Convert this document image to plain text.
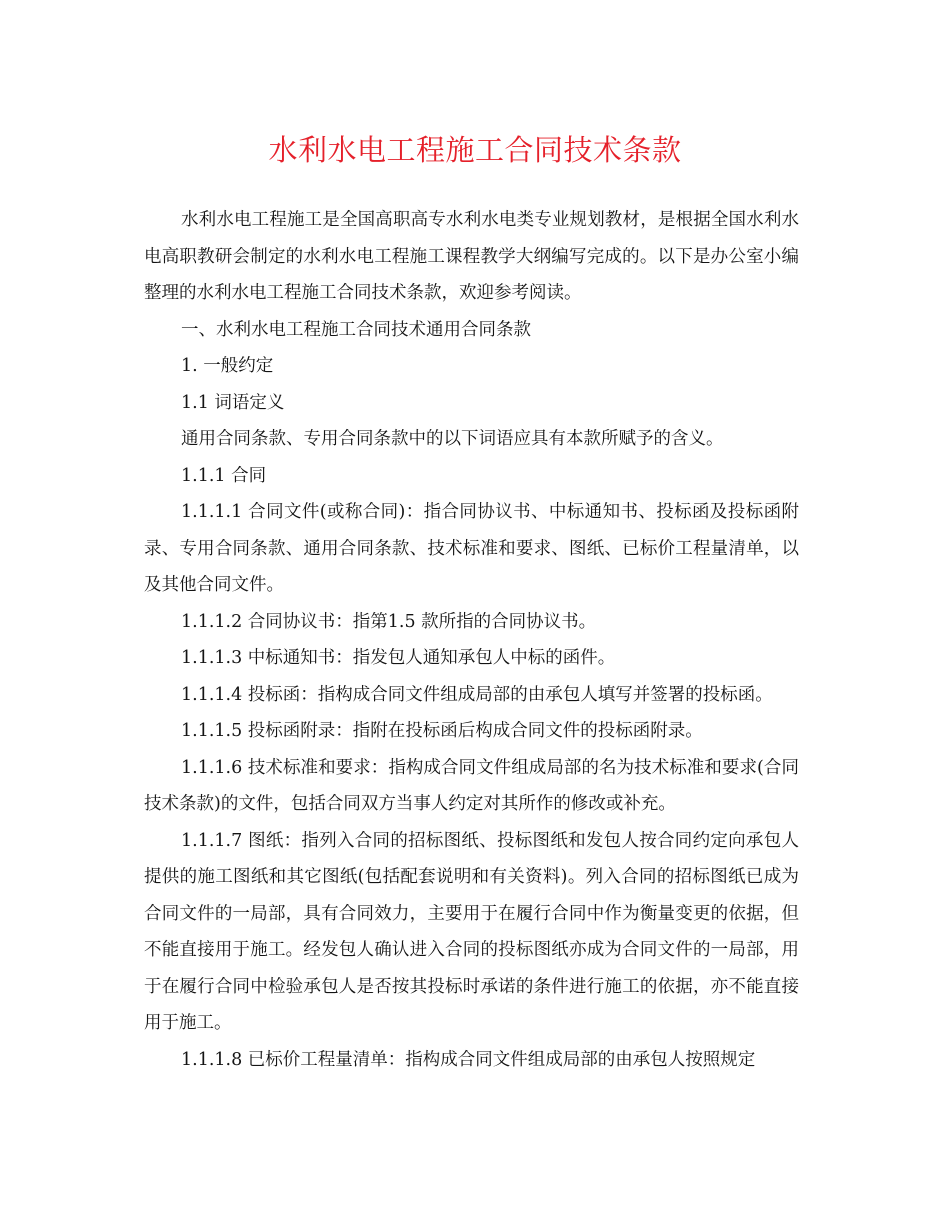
水利水电工程施工合同技术条款

水利水电工程施工是全国高职高专水利水电类专业规划教材，是根据全国水利水电高职教研会制定的水利水电工程施工课程教学大纲编写完成的。以下是办公室小编整理的水利水电工程施工合同技术条款，欢迎参考阅读。

一、水利水电工程施工合同技术通用合同条款

1. 一般约定

1.1 词语定义

通用合同条款、专用合同条款中的以下词语应具有本款所赋予的含义。

1.1.1 合同

1.1.1.1 合同文件(或称合同)：指合同协议书、中标通知书、投标函及投标函附录、专用合同条款、通用合同条款、技术标准和要求、图纸、已标价工程量清单，以及其他合同文件。

1.1.1.2 合同协议书：指第1.5 款所指的合同协议书。

1.1.1.3 中标通知书：指发包人通知承包人中标的函件。

1.1.1.4 投标函：指构成合同文件组成局部的由承包人填写并签署的投标函。

1.1.1.5 投标函附录：指附在投标函后构成合同文件的投标函附录。

1.1.1.6 技术标准和要求：指构成合同文件组成局部的名为技术标准和要求(合同技术条款)的文件，包括合同双方当事人约定对其所作的修改或补充。

1.1.1.7 图纸：指列入合同的招标图纸、投标图纸和发包人按合同约定向承包人提供的施工图纸和其它图纸(包括配套说明和有关资料)。列入合同的招标图纸已成为合同文件的一局部，具有合同效力，主要用于在履行合同中作为衡量变更的依据，但不能直接用于施工。经发包人确认进入合同的投标图纸亦成为合同文件的一局部，用于在履行合同中检验承包人是否按其投标时承诺的条件进行施工的依据，亦不能直接用于施工。

1.1.1.8 已标价工程量清单：指构成合同文件组成局部的由承包人按照规定
